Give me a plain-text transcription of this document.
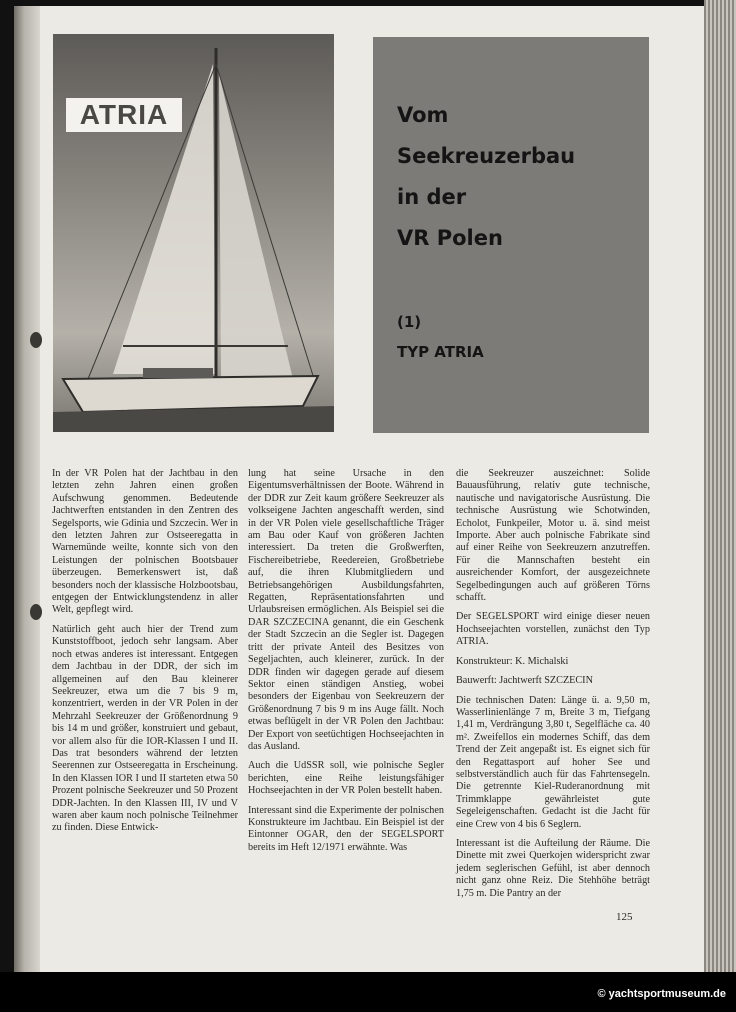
ATRIA	Vom
Seekreuzerbau
in der
VR Polen
(1)
TYP ATRIA

In der VR Polen hat der Jachtbau in den letzten zehn Jahren einen großen Aufschwung genommen. Bedeutende Jachtwerften entstanden in den Zentren des Segelsports, wie Gdinia und Szczecin. Wer in den letzten Jahren zur Ostseeregatta in Warnemünde weilte, konnte sich von den Leistungen der polnischen Bootsbauer überzeugen. Bemerkenswert ist, daß besonders noch der klassische Holzbootsbau, entgegen der Entwicklungstendenz in aller Welt, gepflegt wird.

Natürlich geht auch hier der Trend zum Kunststoffboot, jedoch sehr langsam. Aber noch etwas anderes ist interessant. Entgegen dem Jachtbau in der DDR, der sich im allgemeinen auf den Bau kleinerer Seekreuzer, etwa um die 7 bis 9 m, konzentriert, werden in der VR Polen in der Mehrzahl Seekreuzer der Größenordnung 9 bis 14 m und größer, konstruiert und gebaut, vor allem also für die IOR-Klassen I und II. Das trat besonders während der letzten Seerennen zur Ostseeregatta in Erscheinung. In den Klassen IOR I und II starteten etwa 50 Prozent polnische Seekreuzer und 50 Prozent DDR-Jachten. In den Klassen III, IV und V waren aber kaum noch polnische Teilnehmer zu finden. Diese Entwick-

lung hat seine Ursache in den Eigentumsverhältnissen der Boote. Während in der DDR zur Zeit kaum größere Seekreuzer als volkseigene Jachten angeschafft werden, sind in der VR Polen viele gesellschaftliche Träger am Bau oder Kauf von größeren Jachten interessiert. Da treten die Großwerften, Fischereibetriebe, Reedereien, Großbetriebe auf, die ihren Klubmitgliedern und Betriebsangehörigen Ausbildungsfahrten, Regatten, Repräsentationsfahrten und Urlaubsreisen ermöglichen. Als Beispiel sei die DAR SZCZECINA genannt, die ein Geschenk der Stadt Szczecin an die Segler ist. Dagegen tritt der private Anteil des Besitzes von Segeljachten, auch kleinerer, zurück. In der DDR finden wir dagegen gerade auf diesem Sektor einen ständigen Anstieg, wobei besonders der Eigenbau von Seekreuzern der Größenordnung 7 bis 9 m ins Auge fällt. Noch etwas beflügelt in der VR Polen den Jachtbau: Der Export von seetüchtigen Hochseejachten in das Ausland.

Auch die UdSSR soll, wie polnische Segler berichten, eine Reihe leistungsfähiger Hochseejachten in der VR Polen bestellt haben.

Interessant sind die Experimente der polnischen Konstrukteure im Jachtbau. Ein Beispiel ist der Eintonner OGAR, den der SEGELSPORT bereits im Heft 12/1971 erwähnte. Was

die Seekreuzer auszeichnet: Solide Bauausführung, relativ gute technische, nautische und navigatorische Ausrüstung. Die technische Ausrüstung wie Schotwinden, Echolot, Funkpeiler, Motor u. ä. sind meist Importe. Aber auch polnische Fabrikate sind auf einer Reihe von Seekreuzern anzutreffen. Für die Mannschaften besteht ein ausreichender Komfort, der ausgezeichnete Segelbedingungen auch auf größeren Törns schafft.

Der SEGELSPORT wird einige dieser neuen Hochseejachten vorstellen, zunächst den Typ ATRIA.

Konstrukteur: K. Michalski

Bauwerft: Jachtwerft SZCZECIN

Die technischen Daten: Länge ü. a. 9,50 m, Wasserlinienlänge 7 m, Breite 3 m, Tiefgang 1,41 m, Verdrängung 3,80 t, Segelfläche ca. 40 m². Zweifellos ein modernes Schiff, das dem Trend der Zeit angepaßt ist. Es eignet sich für den Regattasport auf hoher See und selbstverständlich auch für das Fahrtensegeln. Die getrennte Kiel-Ruderanordnung mit Trimmklappe gewährleistet gute Segeleigenschaften. Gedacht ist die Jacht für eine Crew von 4 bis 6 Seglern.

Interessant ist die Aufteilung der Räume. Die Dinette mit zwei Querkojen widerspricht zwar jedem seglerischen Gefühl, ist aber dennoch nicht ganz ohne Reiz. Die Stehhöhe beträgt 1,75 m. Die Pantry an der

125
© yachtsportmuseum.de
